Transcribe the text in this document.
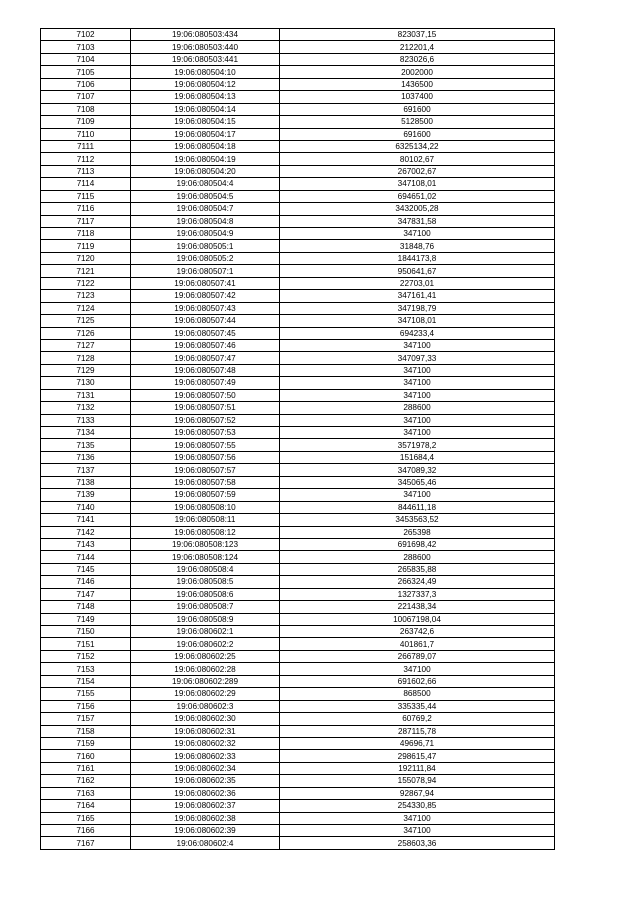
7102	19:06:080503:434	823037,15
7103	19:06:080503:440	212201,4
7104	19:06:080503:441	823026,6
7105	19:06:080504:10	2002000
7106	19:06:080504:12	1436500
7107	19:06:080504:13	1037400
7108	19:06:080504:14	691600
7109	19:06:080504:15	5128500
7110	19:06:080504:17	691600
7111	19:06:080504:18	6325134,22
7112	19:06:080504:19	80102,67
7113	19:06:080504:20	267002,67
7114	19:06:080504:4	347108,01
7115	19:06:080504:5	694651,02
7116	19:06:080504:7	3432005,28
7117	19:06:080504:8	347831,58
7118	19:06:080504:9	347100
7119	19:06:080505:1	31848,76
7120	19:06:080505:2	1844173,8
7121	19:06:080507:1	950641,67
7122	19:06:080507:41	22703,01
7123	19:06:080507:42	347161,41
7124	19:06:080507:43	347198,79
7125	19:06:080507:44	347108,01
7126	19:06:080507:45	694233,4
7127	19:06:080507:46	347100
7128	19:06:080507:47	347097,33
7129	19:06:080507:48	347100
7130	19:06:080507:49	347100
7131	19:06:080507:50	347100
7132	19:06:080507:51	288600
7133	19:06:080507:52	347100
7134	19:06:080507:53	347100
7135	19:06:080507:55	3571978,2
7136	19:06:080507:56	151684,4
7137	19:06:080507:57	347089,32
7138	19:06:080507:58	345065,46
7139	19:06:080507:59	347100
7140	19:06:080508:10	844611,18
7141	19:06:080508:11	3453563,52
7142	19:06:080508:12	265398
7143	19:06:080508:123	691698,42
7144	19:06:080508:124	288600
7145	19:06:080508:4	265835,88
7146	19:06:080508:5	266324,49
7147	19:06:080508:6	1327337,3
7148	19:06:080508:7	221438,34
7149	19:06:080508:9	10067198,04
7150	19:06:080602:1	263742,6
7151	19:06:080602:2	401861,7
7152	19:06:080602:25	266789,07
7153	19:06:080602:28	347100
7154	19:06:080602:289	691602,66
7155	19:06:080602:29	868500
7156	19:06:080602:3	335335,44
7157	19:06:080602:30	60769,2
7158	19:06:080602:31	287115,78
7159	19:06:080602:32	49696,71
7160	19:06:080602:33	298615,47
7161	19:06:080602:34	192111,84
7162	19:06:080602:35	155078,94
7163	19:06:080602:36	92867,94
7164	19:06:080602:37	254330,85
7165	19:06:080602:38	347100
7166	19:06:080602:39	347100
7167	19:06:080602:4	258603,36
